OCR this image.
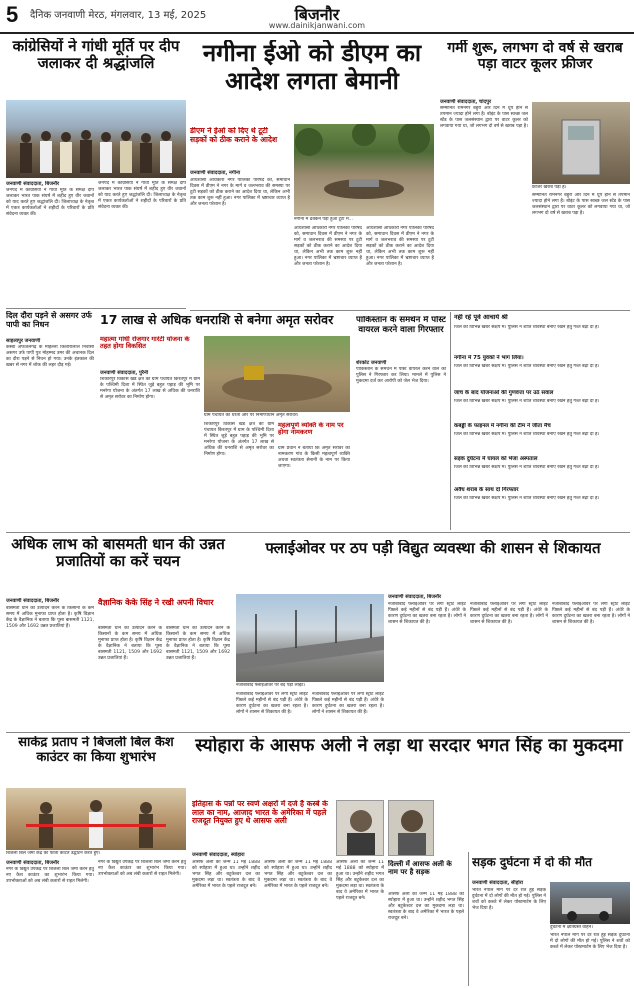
5 दैनिक जनवाणी मेरठ, मंगलवार, 13 मई, 2025	बिजनौर
www.dainikjanwani.com
कांग्रेसियों ने गांधी मूर्ति पर दीप जलाकर दी श्रद्धांजलि
जनवाणी संवाददाता, बिजनौर
जनपद में कांग्रेसियों ने गांधी मूर्ति के समक्ष दीप जलाकर भारत पाक संघर्ष में शहीद हुए वीर जवानों को याद करते हुए श्रद्धांजलि दी। जिलाध्यक्ष के नेतृत्व में एकत्र कार्यकर्ताओं ने शहीदों के परिवारों के प्रति संवेदना व्यक्त की।
जनपद में कांग्रेसियों ने गांधी मूर्ति के समक्ष दीप जलाकर भारत पाक संघर्ष में शहीद हुए वीर जवानों को याद करते हुए श्रद्धांजलि दी। जिलाध्यक्ष के नेतृत्व में एकत्र कार्यकर्ताओं ने शहीदों के परिवारों के प्रति संवेदना व्यक्त की।
दिल दौरा पड़ने से असगर उर्फ पापी का निधन
साहलापुर जनवाणी
कस्बा अफजलगढ़ के मौहल्ला किशोरीलाल निवासी असगर उर्फ पापी पुत्र मोहम्मद उमर की अचानक दिल का दौरा पड़ने से निधन हो गया। उनके इंतकाल की खबर से नगर में शोक की लहर दौड़ गई।
नगीना ईओ को डीएम का आदेश लगता बेमानी
डीएम ने ईओ को दिए थे टूटी सड़कों को ठीक कराने के आदेश
नगीना में ढक्कन पड़ा हुआ टूटा मैं...
जनवाणी संवाददाता, नगीना
अधिशासी अधिकारी नगर पालिका परिषद को, समाधान दिवस में डीएम ने नगर के मार्ग व जलभराव की समस्या पर टूटी सड़कों को ठीक कराने का आदेश दिया था, लेकिन अभी तक काम शुरू नहीं हुआ। नगर पालिका में भ्रष्टाचार व्याप्त है और जनता परेशान है।
अधिशासी अधिकारी नगर पालिका परिषद को, समाधान दिवस में डीएम ने नगर के मार्ग व जलभराव की समस्या पर टूटी सड़कों को ठीक कराने का आदेश दिया था, लेकिन अभी तक काम शुरू नहीं हुआ। नगर पालिका में भ्रष्टाचार व्याप्त है और जनता परेशान है।
अधिशासी अधिकारी नगर पालिका परिषद को, समाधान दिवस में डीएम ने नगर के मार्ग व जलभराव की समस्या पर टूटी सड़कों को ठीक कराने का आदेश दिया था, लेकिन अभी तक काम शुरू नहीं हुआ। नगर पालिका में भ्रष्टाचार व्याप्त है और जनता परेशान है।
गर्मी शुरू, लगभग दो वर्ष से खराब पड़ा वाटर कूलर फ्रीजर
जनवाणी संवाददाता, चांदपुर
सम्मानित रामनगर बहुरी और दिन में धूप होने से तपमान ज्यादा होने लगा है। बोइंट के पास स्वच्छ जल स्टेंड के पास जलसंस्थान द्वारा पर वाटर कूलर को लगवाया गया था, जो लगभग दो वर्ष से खराब पड़ा है।
फ्रीजर खराब पड़ा है।
सम्मानित रामनगर बहुरी और दिन में धूप होने से तपमान ज्यादा होने लगा है। बोइंट के पास स्वच्छ जल स्टेंड के पास जलसंस्थान द्वारा पर वाटर कूलर को लगवाया गया था, जो लगभग दो वर्ष से खराब पड़ा है।
17 लाख से अधिक धनराशि से बनेगा अमृत सरोवर
महात्मा गांधी रोजगार गारंटी योजना के तहत होगा विकसित
जनवाणी संवाददाता, पुरैनी
शिकारपुर विकास खंड क्षेत्र की ग्राम पंचायत किरतपुर में ग्राम के पश्चिमी दिशा में स्थित जुड़े बहुत पहाड़ की भूमि पर मनरेगा योजना के अंतर्गत 17 लाख से अधिक की धनराशि से अमृत सरोवर का निर्माण होगा।
ग्राम पंचायत की धरती और पर निर्माणाधीन अमृत सरोवर।
शिकारपुर विकास खंड क्षेत्र की ग्राम पंचायत किरतपुर में ग्राम के पश्चिमी दिशा में स्थित जुड़े बहुत पहाड़ की भूमि पर मनरेगा योजना के अंतर्गत 17 लाख से अधिक की धनराशि से अमृत सरोवर का निर्माण होगा।
महत्वपूर्ण व्यक्ति के नाम पर होगा नामकरण
ग्राम प्रधान ने बताया कि अमृत सरोवर का नामकरण गांव के किसी महत्वपूर्ण व्यक्ति अथवा स्वतंत्रता सेनानी के नाम पर किया जाएगा।
पाकिस्तान के समर्थन में पोस्ट वायरल करने वाला गिरफ्तार
शेरकोट जनवाणी
पाकिस्तान के समर्थन में पोस्ट वायरल करने वाले को पुलिस ने गिरफ्तार कर लिया। मामले में पुलिस ने मुकदमा दर्ज कर आरोपी को जेल भेज दिया।
नहीं रहे पूर्व आचार्य श्री
जिले की विभिन्न खबरें संक्षेप में। पुलिस ने शांति व्यवस्था बनाए रखने हेतु गश्त बढ़ा दी है।
नगीना में 75 युवकों ने भाग लिया।
जिले की विभिन्न खबरें संक्षेप में। पुलिस ने शांति व्यवस्था बनाए रखने हेतु गश्त बढ़ा दी है।
जांच के बाद योजनाओं की गुणवत्ता पर उठे सवाल
जिले की विभिन्न खबरें संक्षेप में। पुलिस ने शांति व्यवस्था बनाए रखने हेतु गश्त बढ़ा दी है।
कबड्डी के फाइनल में नगीना की टीम ने जीता मैच
जिले की विभिन्न खबरें संक्षेप में। पुलिस ने शांति व्यवस्था बनाए रखने हेतु गश्त बढ़ा दी है।
सड़क दुर्घटना में घायल को भेजा अस्पताल
जिले की विभिन्न खबरें संक्षेप में। पुलिस ने शांति व्यवस्था बनाए रखने हेतु गश्त बढ़ा दी है।
अवैध शराब के साथ दो गिरफ्तार
जिले की विभिन्न खबरें संक्षेप में। पुलिस ने शांति व्यवस्था बनाए रखने हेतु गश्त बढ़ा दी है।
अधिक लाभ को बासमती धान की उन्नत प्रजातियों का करें चयन
जनवाणी संवाददाता, बिजनौर
बासमती धान का उत्पादन करने के किसानों के कम समय में अधिक मुनाफा प्राप्त होता है। कृषि विज्ञान केंद्र के वैज्ञानिक ने बताया कि पूसा बासमती 1121, 1509 और 1692 उन्नत प्रजातियां हैं।
वैज्ञानिक केके सिंह ने रखी अपनी विचार
बासमती धान का उत्पादन करने के किसानों के कम समय में अधिक मुनाफा प्राप्त होता है। कृषि विज्ञान केंद्र के वैज्ञानिक ने बताया कि पूसा बासमती 1121, 1509 और 1692 उन्नत प्रजातियां हैं।
बासमती धान का उत्पादन करने के किसानों के कम समय में अधिक मुनाफा प्राप्त होता है। कृषि विज्ञान केंद्र के वैज्ञानिक ने बताया कि पूसा बासमती 1121, 1509 और 1692 उन्नत प्रजातियां हैं।
फ्लाईओवर पर ठप पड़ी विद्युत व्यवस्था की शासन से शिकायत
नजीबाबाद फ्लाईओवर पर बंद पड़ी लाइटें।
नजीबाबाद फ्लाईओवर पर लगी स्ट्रीट लाइटें पिछले कई महीनों से बंद पड़ी हैं। अंधेरे के कारण दुर्घटना का खतरा बना रहता है। लोगों ने शासन से शिकायत की है।
नजीबाबाद फ्लाईओवर पर लगी स्ट्रीट लाइटें पिछले कई महीनों से बंद पड़ी हैं। अंधेरे के कारण दुर्घटना का खतरा बना रहता है। लोगों ने शासन से शिकायत की है।
जनवाणी संवाददाता, बिजनौर
नजीबाबाद फ्लाईओवर पर लगी स्ट्रीट लाइटें पिछले कई महीनों से बंद पड़ी हैं। अंधेरे के कारण दुर्घटना का खतरा बना रहता है। लोगों ने शासन से शिकायत की है।
नजीबाबाद फ्लाईओवर पर लगी स्ट्रीट लाइटें पिछले कई महीनों से बंद पड़ी हैं। अंधेरे के कारण दुर्घटना का खतरा बना रहता है। लोगों ने शासन से शिकायत की है।
नजीबाबाद फ्लाईओवर पर लगी स्ट्रीट लाइटें पिछले कई महीनों से बंद पड़ी हैं। अंधेरे के कारण दुर्घटना का खतरा बना रहता है। लोगों ने शासन से शिकायत की है।
साकेंद्र प्रताप ने बिजली बिल कैश काउंटर का किया शुभारंभ
बिजली बिल जमा केंद्र का फीता काटते उद्घाटन करते हुए।
जनवाणी संवाददाता, बिजनौर
नगर के विद्युत उपकेंद्र पर बिजली बिल जमा करने हेतु नए कैश काउंटर का शुभारंभ किया गया। उपभोक्ताओं को अब लंबी कतारों से राहत मिलेगी।
नगर के विद्युत उपकेंद्र पर बिजली बिल जमा करने हेतु नए कैश काउंटर का शुभारंभ किया गया। उपभोक्ताओं को अब लंबी कतारों से राहत मिलेगी।
स्योहारा के आसफ अली ने लड़ा था सरदार भगत सिंह का मुकदमा
इतिहास के पन्नों पर स्वर्ण अक्षरों में दर्ज है कस्बे के लाल का नाम, आजाद भारत के अमेरिका में पहले राजदूत नियुक्त हुए थे आसफ अली
जनवाणी संवाददाता, स्योहारा
आसफ अली का जन्म 11 मई 1888 को स्योहारा में हुआ था। उन्होंने शहीद भगत सिंह और बटुकेश्वर दत्त का मुकदमा लड़ा था। स्वतंत्रता के बाद वे अमेरिका में भारत के पहले राजदूत बने।
आसफ अली का जन्म 11 मई 1888 को स्योहारा में हुआ था। उन्होंने शहीद भगत सिंह और बटुकेश्वर दत्त का मुकदमा लड़ा था। स्वतंत्रता के बाद वे अमेरिका में भारत के पहले राजदूत बने।
आसफ अली का जन्म 11 मई 1888 को स्योहारा में हुआ था। उन्होंने शहीद भगत सिंह और बटुकेश्वर दत्त का मुकदमा लड़ा था। स्वतंत्रता के बाद वे अमेरिका में भारत के पहले राजदूत बने।
दिल्ली में आसफ अली के नाम पर है सड़क
आसफ अली का जन्म 11 मई 1888 को स्योहारा में हुआ था। उन्होंने शहीद भगत सिंह और बटुकेश्वर दत्त का मुकदमा लड़ा था। स्वतंत्रता के बाद वे अमेरिका में भारत के पहले राजदूत बने।
सड़क दुर्घटना में दो की मौत
जनवाणी संवाददाता, सीहोरा
भारत नेपाल मार्ग पर देर रात हुई सड़क दुर्घटना में दो लोगों की मौत हो गई। पुलिस ने शवों को कब्जे में लेकर पोस्टमार्टम के लिए भेज दिया है।
दुर्घटना में क्षतिग्रस्त वाहन।
भारत नेपाल मार्ग पर देर रात हुई सड़क दुर्घटना में दो लोगों की मौत हो गई। पुलिस ने शवों को कब्जे में लेकर पोस्टमार्टम के लिए भेज दिया है।
